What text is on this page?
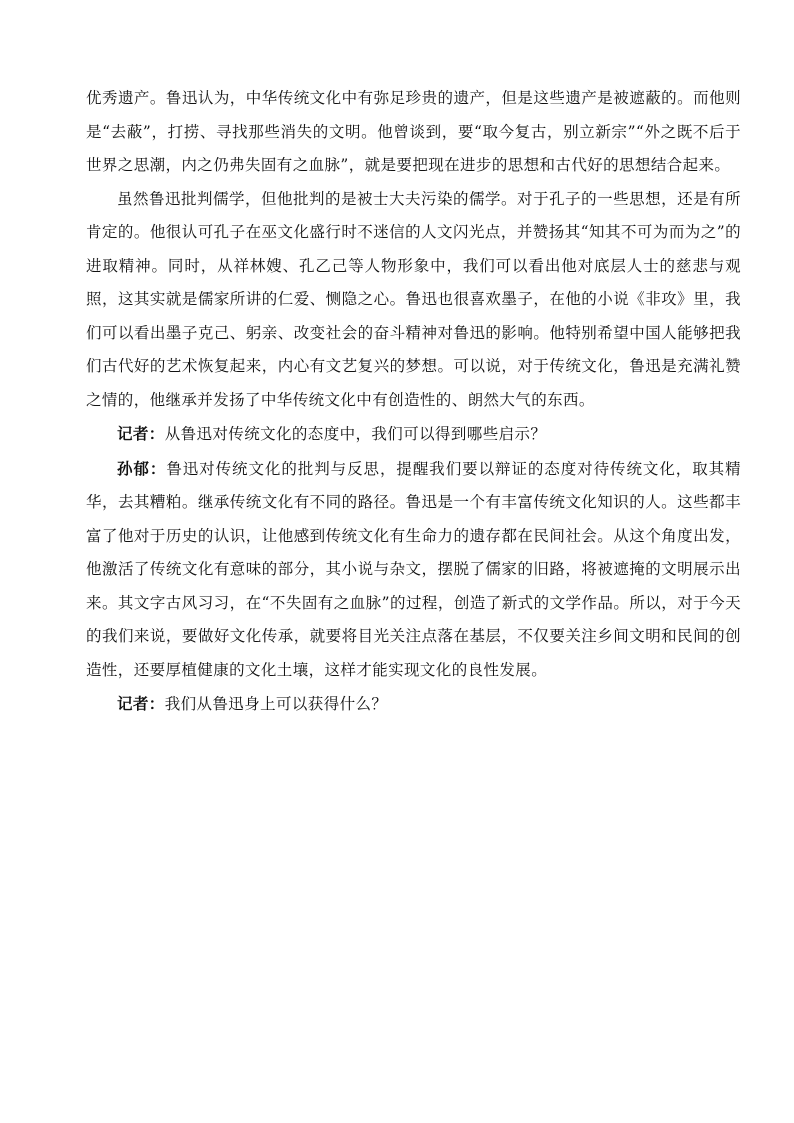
优秀遗产。鲁迅认为，中华传统文化中有弥足珍贵的遗产，但是这些遗产是被遮蔽的。而他则是“去蔽”，打捞、寻找那些消失的文明。他曾谈到，要“取今复古，别立新宗”“外之既不后于世界之思潮，内之仍弗失固有之血脉”，就是要把现在进步的思想和古代好的思想结合起来。

虽然鲁迅批判儒学，但他批判的是被士大夫污染的儒学。对于孔子的一些思想，还是有所肯定的。他很认可孔子在巫文化盛行时不迷信的人文闪光点，并赞扬其“知其不可为而为之”的进取精神。同时，从祥林嫂、孔乙己等人物形象中，我们可以看出他对底层人士的慈悲与观照，这其实就是儒家所讲的仁爱、恻隐之心。鲁迅也很喜欢墨子，在他的小说《非攻》里，我们可以看出墨子克己、躬亲、改变社会的奋斗精神对鲁迅的影响。他特别希望中国人能够把我们古代好的艺术恢复起来，内心有文艺复兴的梦想。可以说，对于传统文化，鲁迅是充满礼赞之情的，他继承并发扬了中华传统文化中有创造性的、朗然大气的东西。

记者：从鲁迅对传统文化的态度中，我们可以得到哪些启示？

孙郁：鲁迅对传统文化的批判与反思，提醒我们要以辩证的态度对待传统文化，取其精华，去其糟粕。继承传统文化有不同的路径。鲁迅是一个有丰富传统文化知识的人。这些都丰富了他对于历史的认识，让他感到传统文化有生命力的遗存都在民间社会。从这个角度出发，他激活了传统文化有意味的部分，其小说与杂文，摆脱了儒家的旧路，将被遮掩的文明展示出来。其文字古风习习，在“不失固有之血脉”的过程，创造了新式的文学作品。所以，对于今天的我们来说，要做好文化传承，就要将目光关注点落在基层，不仅要关注乡间文明和民间的创造性，还要厚植健康的文化土壤，这样才能实现文化的良性发展。

记者：我们从鲁迅身上可以获得什么？
